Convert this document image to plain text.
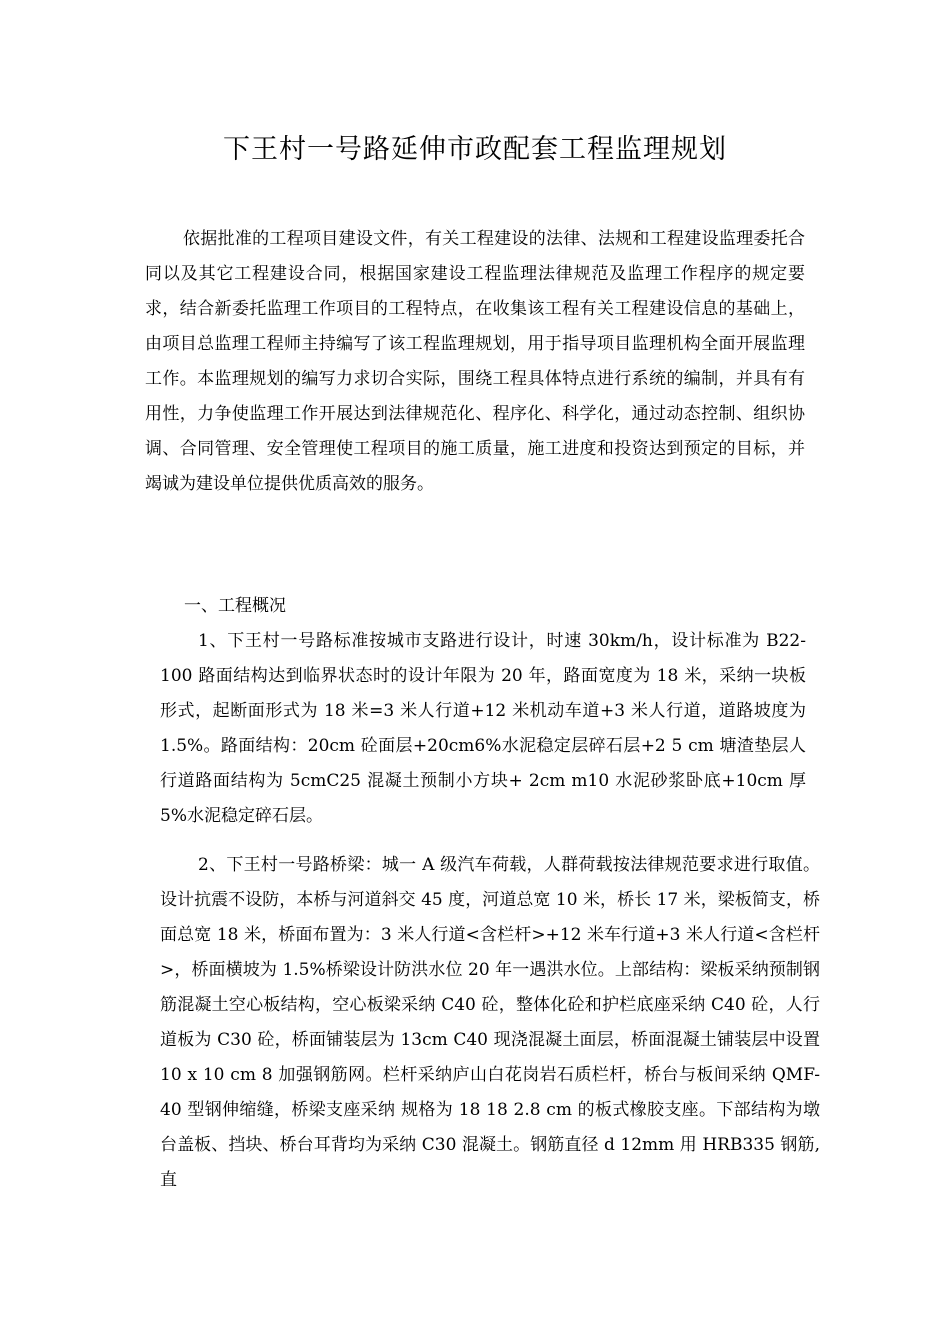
下王村一号路延伸市政配套工程监理规划

依据批准的工程项目建设文件，有关工程建设的法律、法规和工程建设监理委托合同以及其它工程建设合同，根据国家建设工程监理法律规范及监理工作程序的规定要求，结合新委托监理工作项目的工程特点，在收集该工程有关工程建设信息的基础上，由项目总监理工程师主持编写了该工程监理规划，用于指导项目监理机构全面开展监理工作。本监理规划的编写力求切合实际，围绕工程具体特点进行系统的编制，并具有有用性，力争使监理工作开展达到法律规范化、程序化、科学化，通过动态控制、组织协调、合同管理、安全管理使工程项目的施工质量，施工进度和投资达到预定的目标，并竭诚为建设单位提供优质高效的服务。

一、工程概况

1、下王村一号路标准按城市支路进行设计，时速 30km/h，设计标准为 B22-100 路面结构达到临界状态时的设计年限为 20 年，路面宽度为 18 米，采纳一块板形式，起断面形式为 18 米=3 米人行道+12 米机动车道+3 米人行道，道路坡度为 1.5%。路面结构：20cm 砼面层+20cm6%水泥稳定层碎石层+2 5 cm 塘渣垫层人行道路面结构为 5cmC25 混凝土预制小方块+ 2cm m10 水泥砂浆卧底+10cm 厚 5%水泥稳定碎石层。

2、下王村一号路桥梁：城一 A 级汽车荷载，人群荷载按法律规范要求进行取值。设计抗震不设防，本桥与河道斜交 45 度，河道总宽 10 米，桥长 17 米，梁板简支，桥面总宽 18 米，桥面布置为：3 米人行道<含栏杆>+12 米车行道+3 米人行道<含栏杆>，桥面横坡为 1.5%桥梁设计防洪水位 20 年一遇洪水位。上部结构：梁板采纳预制钢筋混凝土空心板结构，空心板梁采纳 C40 砼，整体化砼和护栏底座采纳 C40 砼，人行道板为 C30 砼，桥面铺装层为 13cm C40 现浇混凝土面层，桥面混凝土铺装层中设置 10 x 10 cm 8 加强钢筋网。栏杆采纳庐山白花岗岩石质栏杆，桥台与板间采纳 QMF-40 型钢伸缩缝，桥梁支座采纳 规格为 18 18 2.8 cm 的板式橡胶支座。下部结构为墩台盖板、挡块、桥台耳背均为采纳 C30 混凝土。钢筋直径 d 12mm 用 HRB335 钢筋,直
